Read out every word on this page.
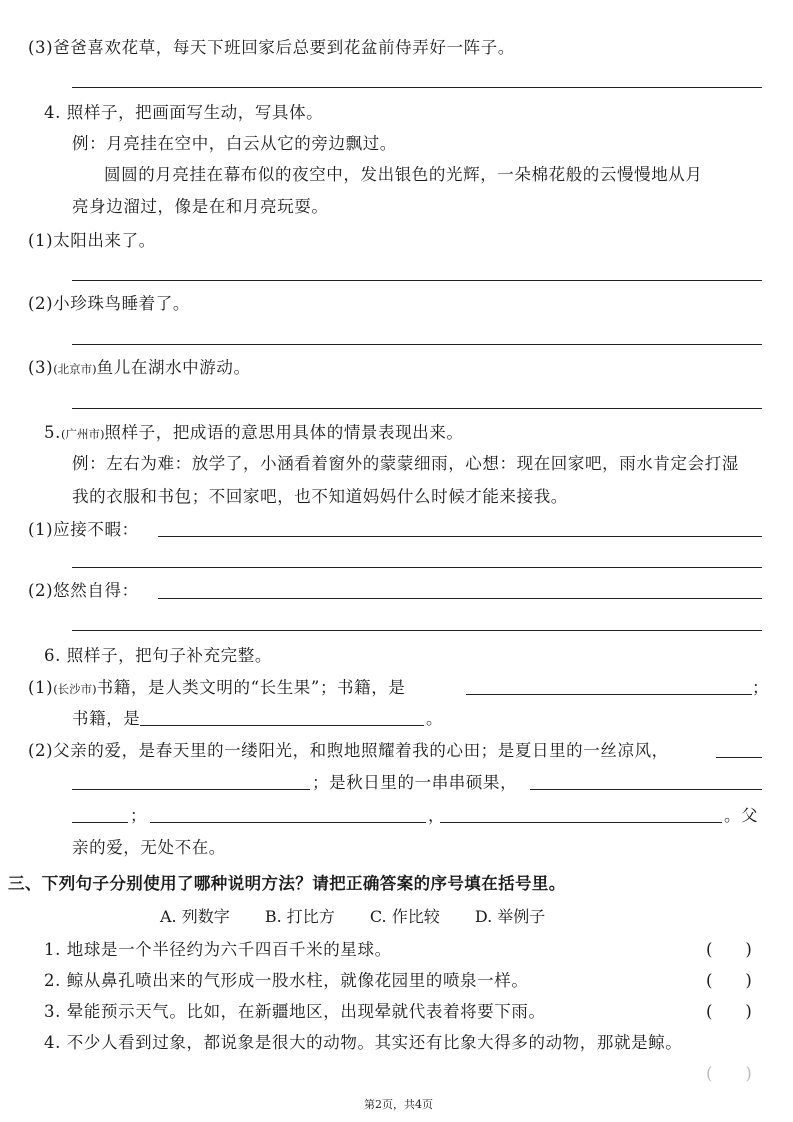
(3)爸爸喜欢花草，每天下班回家后总要到花盆前侍弄好一阵子。
4. 照样子，把画面写生动，写具体。
例：月亮挂在空中，白云从它的旁边飘过。
圆圆的月亮挂在幕布似的夜空中，发出银色的光辉，一朵棉花般的云慢慢地从月
亮身边溜过，像是在和月亮玩耍。
(1)太阳出来了。
(2)小珍珠鸟睡着了。
(3)(北京市)鱼儿在湖水中游动。
5.(广州市)照样子，把成语的意思用具体的情景表现出来。
例：左右为难：放学了，小涵看着窗外的蒙蒙细雨，心想：现在回家吧，雨水肯定会打湿
我的衣服和书包；不回家吧，也不知道妈妈什么时候才能来接我。
(1)应接不暇：
(2)悠然自得：
6. 照样子，把句子补充完整。
(1)(长沙市)书籍，是人类文明的“长生果”；书籍，是	；
书籍，是	。
(2)父亲的爱，是春天里的一缕阳光，和煦地照耀着我的心田；是夏日里的一丝凉风，
；是秋日里的一串串硕果，
；	，	。父
亲的爱，无处不在。
三、下列句子分别使用了哪种说明方法？请把正确答案的序号填在括号里。
A. 列数字 B. 打比方 C. 作比较 D. 举例子
1. 地球是一个半径约为六千四百千米的星球。	(　　)
2. 鲸从鼻孔喷出来的气形成一股水柱，就像花园里的喷泉一样。	(　　)
3. 晕能预示天气。比如，在新疆地区，出现晕就代表着将要下雨。	(　　)
4. 不少人看到过象，都说象是很大的动物。其实还有比象大得多的动物，那就是鲸。
(　　)
第2页，共4页
